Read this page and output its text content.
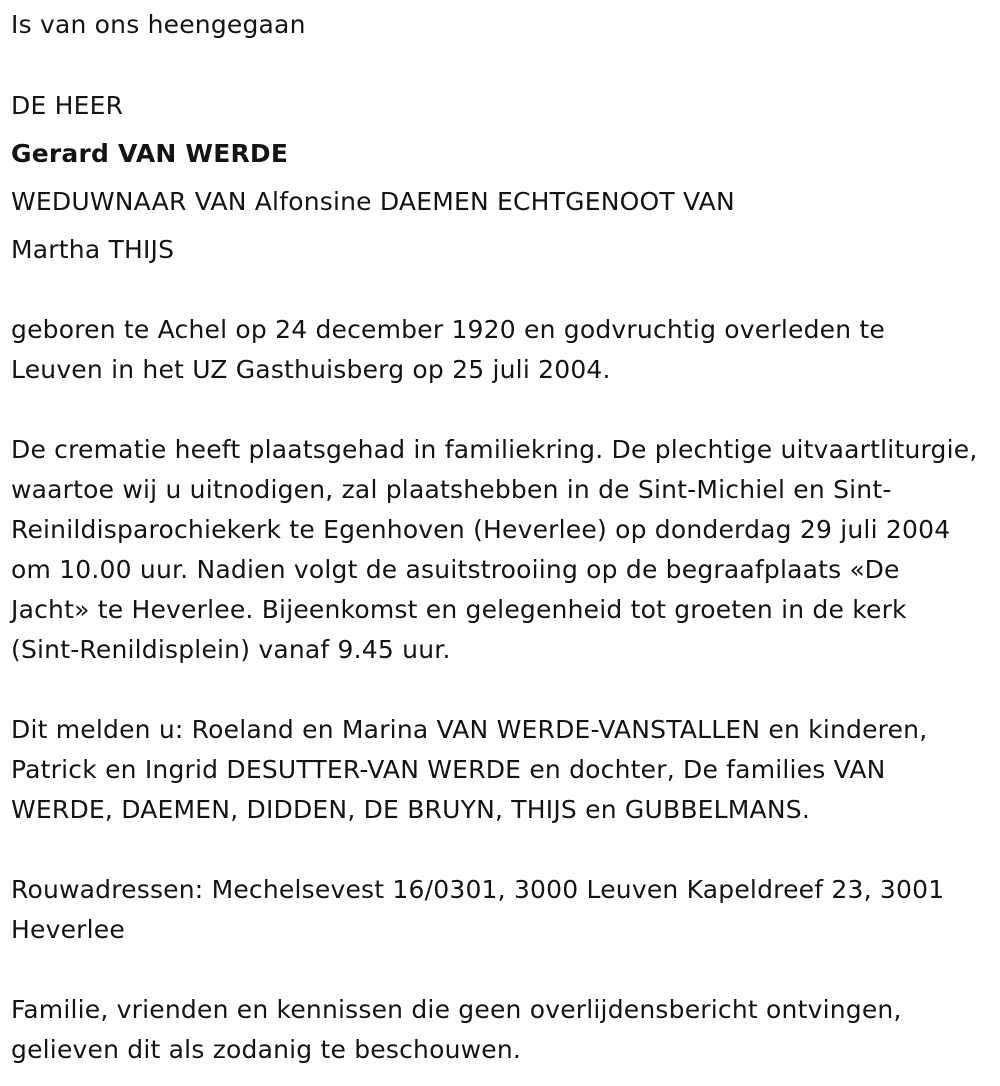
Is van ons heengegaan
DE HEER
Gerard VAN WERDE
WEDUWNAAR VAN Alfonsine DAEMEN ECHTGENOOT VAN
Martha THIJS

geboren te Achel op 24 december 1920 en godvruchtig overleden te Leuven in het UZ Gasthuisberg op 25 juli 2004.

De crematie heeft plaatsgehad in familiekring. De plechtige uitvaartliturgie, waartoe wij u uitnodigen, zal plaatshebben in de Sint-Michiel en Sint-Reinildisparochiekerk te Egenhoven (Heverlee) op donderdag 29 juli 2004 om 10.00 uur. Nadien volgt de asuitstrooiing op de begraafplaats «De Jacht» te Heverlee. Bijeenkomst en gelegenheid tot groeten in de kerk (Sint-Renildisplein) vanaf 9.45 uur.

Dit melden u: Roeland en Marina VAN WERDE-VANSTALLEN en kinderen, Patrick en Ingrid DESUTTER-VAN WERDE en dochter, De families VAN WERDE, DAEMEN, DIDDEN, DE BRUYN, THIJS en GUBBELMANS.

Rouwadressen: Mechelsevest 16/0301, 3000 Leuven Kapeldreef 23, 3001 Heverlee

Familie, vrienden en kennissen die geen overlijdensbericht ontvingen, gelieven dit als zodanig te beschouwen.
